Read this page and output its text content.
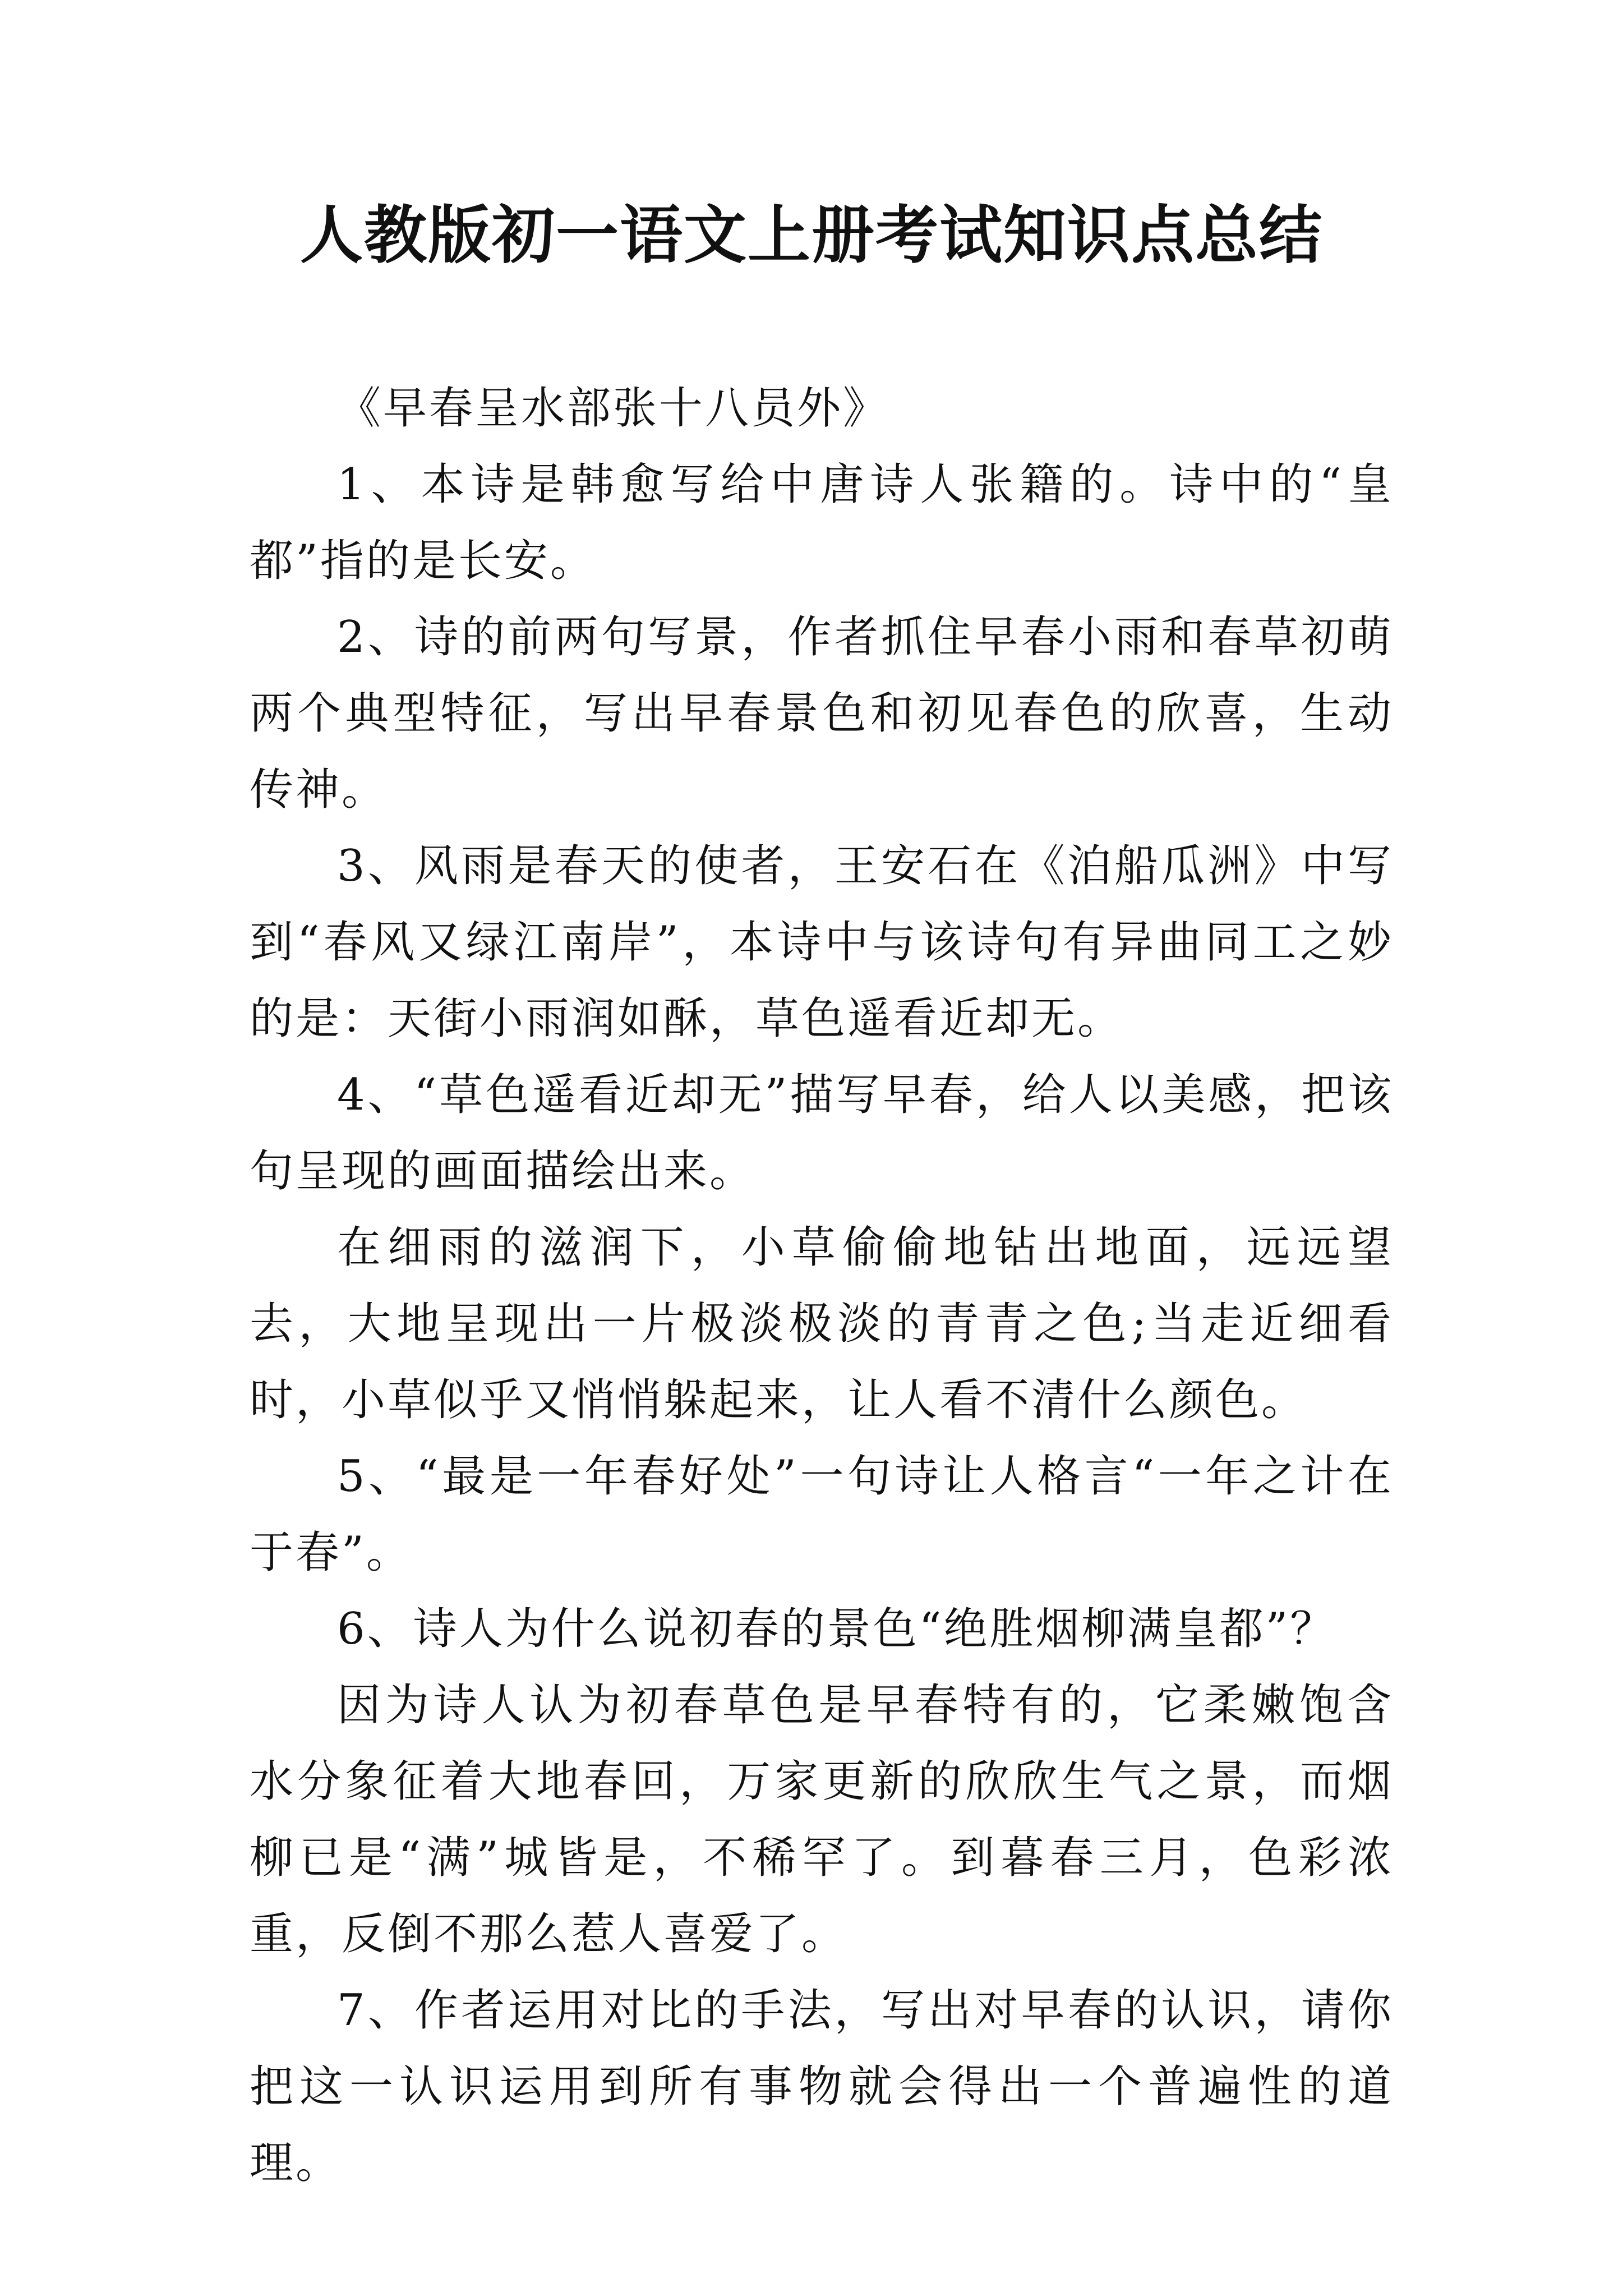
人教版初一语文上册考试知识点总结

《早春呈水部张十八员外》

1、本诗是韩愈写给中唐诗人张籍的。诗中的“皇都”指的是长安。

2、诗的前两句写景，作者抓住早春小雨和春草初萌两个典型特征，写出早春景色和初见春色的欣喜，生动传神。

3、风雨是春天的使者，王安石在《泊船瓜洲》中写到“春风又绿江南岸”，本诗中与该诗句有异曲同工之妙的是：天街小雨润如酥，草色遥看近却无。

4、“草色遥看近却无”描写早春，给人以美感，把该句呈现的画面描绘出来。

在细雨的滋润下，小草偷偷地钻出地面，远远望去，大地呈现出一片极淡极淡的青青之色;当走近细看时，小草似乎又悄悄躲起来，让人看不清什么颜色。

5、“最是一年春好处”一句诗让人格言“一年之计在于春”。

6、诗人为什么说初春的景色“绝胜烟柳满皇都”？

因为诗人认为初春草色是早春特有的，它柔嫩饱含水分象征着大地春回，万家更新的欣欣生气之景，而烟柳已是“满”城皆是，不稀罕了。到暮春三月，色彩浓重，反倒不那么惹人喜爱了。

7、作者运用对比的手法，写出对早春的认识，请你把这一认识运用到所有事物就会得出一个普遍性的道理。
